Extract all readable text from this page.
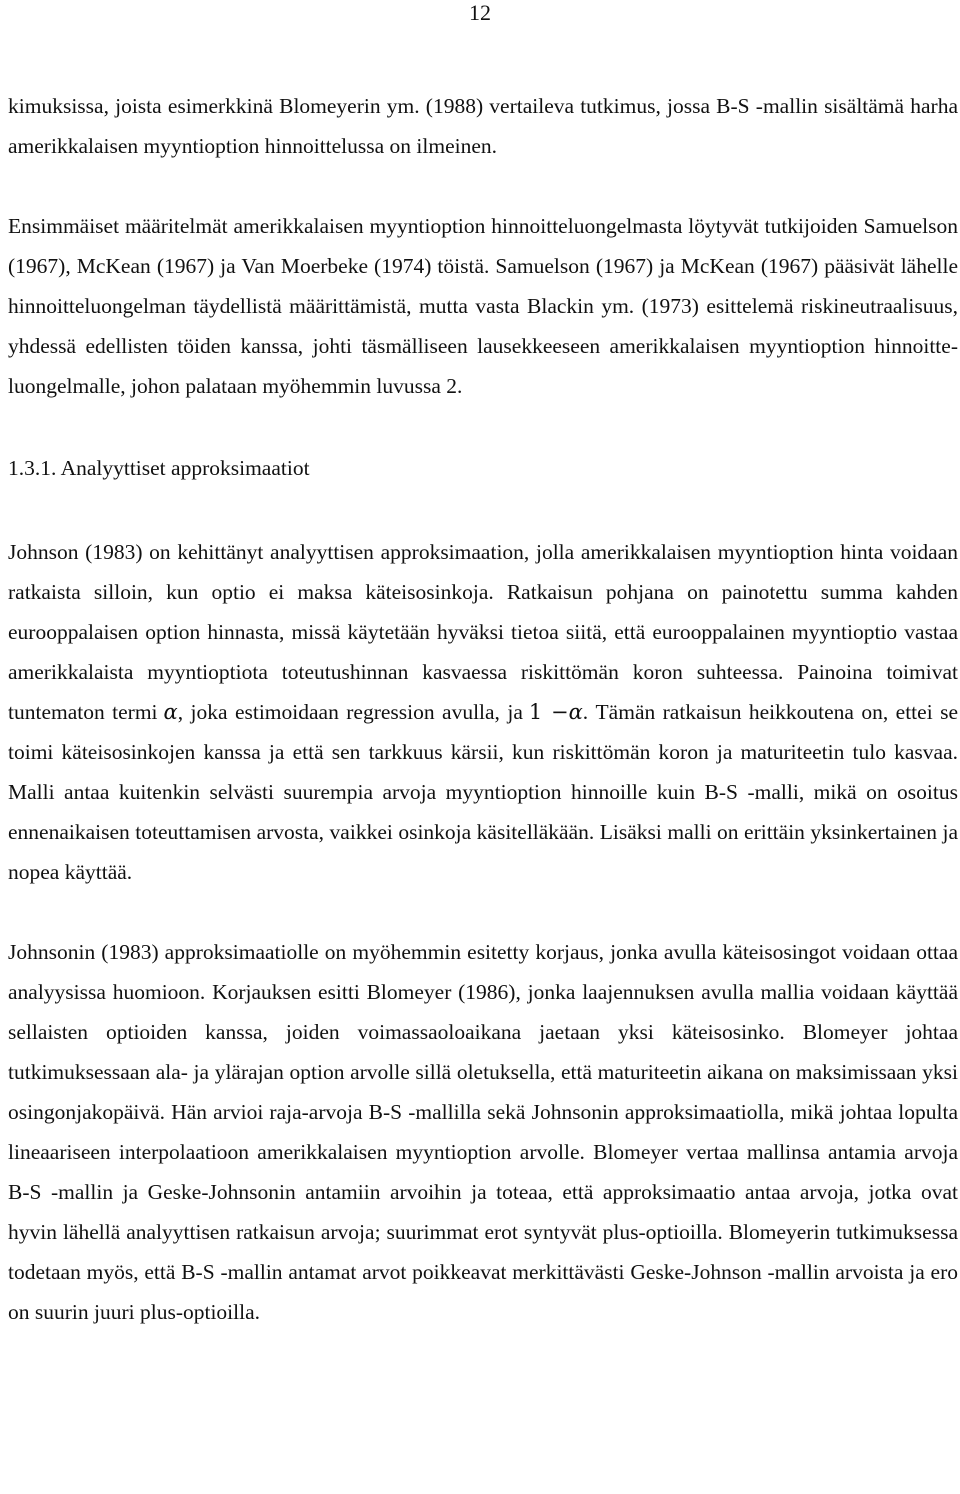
12

kimuksissa, joista esimerkkinä Blomeyerin ym. (1988) vertaileva tutkimus, jossa B-S -mallin sisältämä harha amerikkalaisen myyntioption hinnoittelussa on ilmeinen.

Ensimmäiset määritelmät amerikkalaisen myyntioption hinnoitteluongelmasta löytyvät tutkijoiden Samuelson (1967), McKean (1967) ja Van Moerbeke (1974) töistä. Samuelson (1967) ja McKean (1967) pääsivät lähelle hinnoitteluongelman täydellistä määrittämistä, mutta vasta Blackin ym. (1973) esittelemä riskineutraalisuus, yhdessä edellisten töiden kanssa, johti täsmälliseen lausekkeeseen amerikkalaisen myyntioption hinnoitteluongelmalle, johon palataan myöhemmin luvussa 2.

1.3.1. Analyyttiset approksimaatiot

Johnson (1983) on kehittänyt analyyttisen approksimaation, jolla amerikkalaisen myyntioption hinta voidaan ratkaista silloin, kun optio ei maksa käteisosinkoja. Ratkaisun pohjana on painotettu summa kahden eurooppalaisen option hinnasta, missä käytetään hyväksi tietoa siitä, että eurooppalainen myyntioptio vastaa amerikkalaista myyntioptiota toteutushinnan kasvaessa riskittömän koron suhteessa. Painoina toimivat tuntematon termi α, joka estimoidaan regression avulla, ja 1 −α. Tämän ratkaisun heikkoutena on, ettei se toimi käteisosinkojen kanssa ja että sen tarkkuus kärsii, kun riskittömän koron ja maturiteetin tulo kasvaa. Malli antaa kuitenkin selvästi suurempia arvoja myyntioption hinnoille kuin B-S -malli, mikä on osoitus ennenaikaisen toteuttamisen arvosta, vaikkei osinkoja käsitelläkään. Lisäksi malli on erittäin yksinkertainen ja nopea käyttää.

Johnsonin (1983) approksimaatiolle on myöhemmin esitetty korjaus, jonka avulla käteisosingot voidaan ottaa analyysissa huomioon. Korjauksen esitti Blomeyer (1986), jonka laajennuksen avulla mallia voidaan käyttää sellaisten optioiden kanssa, joiden voimassaoloaikana jaetaan yksi käteisosinko. Blomeyer johtaa tutkimuksessaan ala- ja ylärajan option arvolle sillä oletuksella, että maturiteetin aikana on maksimissaan yksi osingonjakopäivä. Hän arvioi raja-arvoja B-S -mallilla sekä Johnsonin approksimaatiolla, mikä johtaa lopulta lineaariseen interpolaatioon amerikkalaisen myyntioption arvolle. Blomeyer vertaa mallinsa antamia arvoja B-S -mallin ja Geske-Johnsonin antamiin arvoihin ja toteaa, että approksimaatio antaa arvoja, jotka ovat hyvin lähellä analyyttisen ratkaisun arvoja; suurimmat erot syntyvät plus-optioilla. Blomeyerin tutkimuksessa todetaan myös, että B-S -mallin antamat arvot poikkeavat merkittävästi Geske-Johnson -mallin arvoista ja ero on suurin juuri plus-optioilla.
